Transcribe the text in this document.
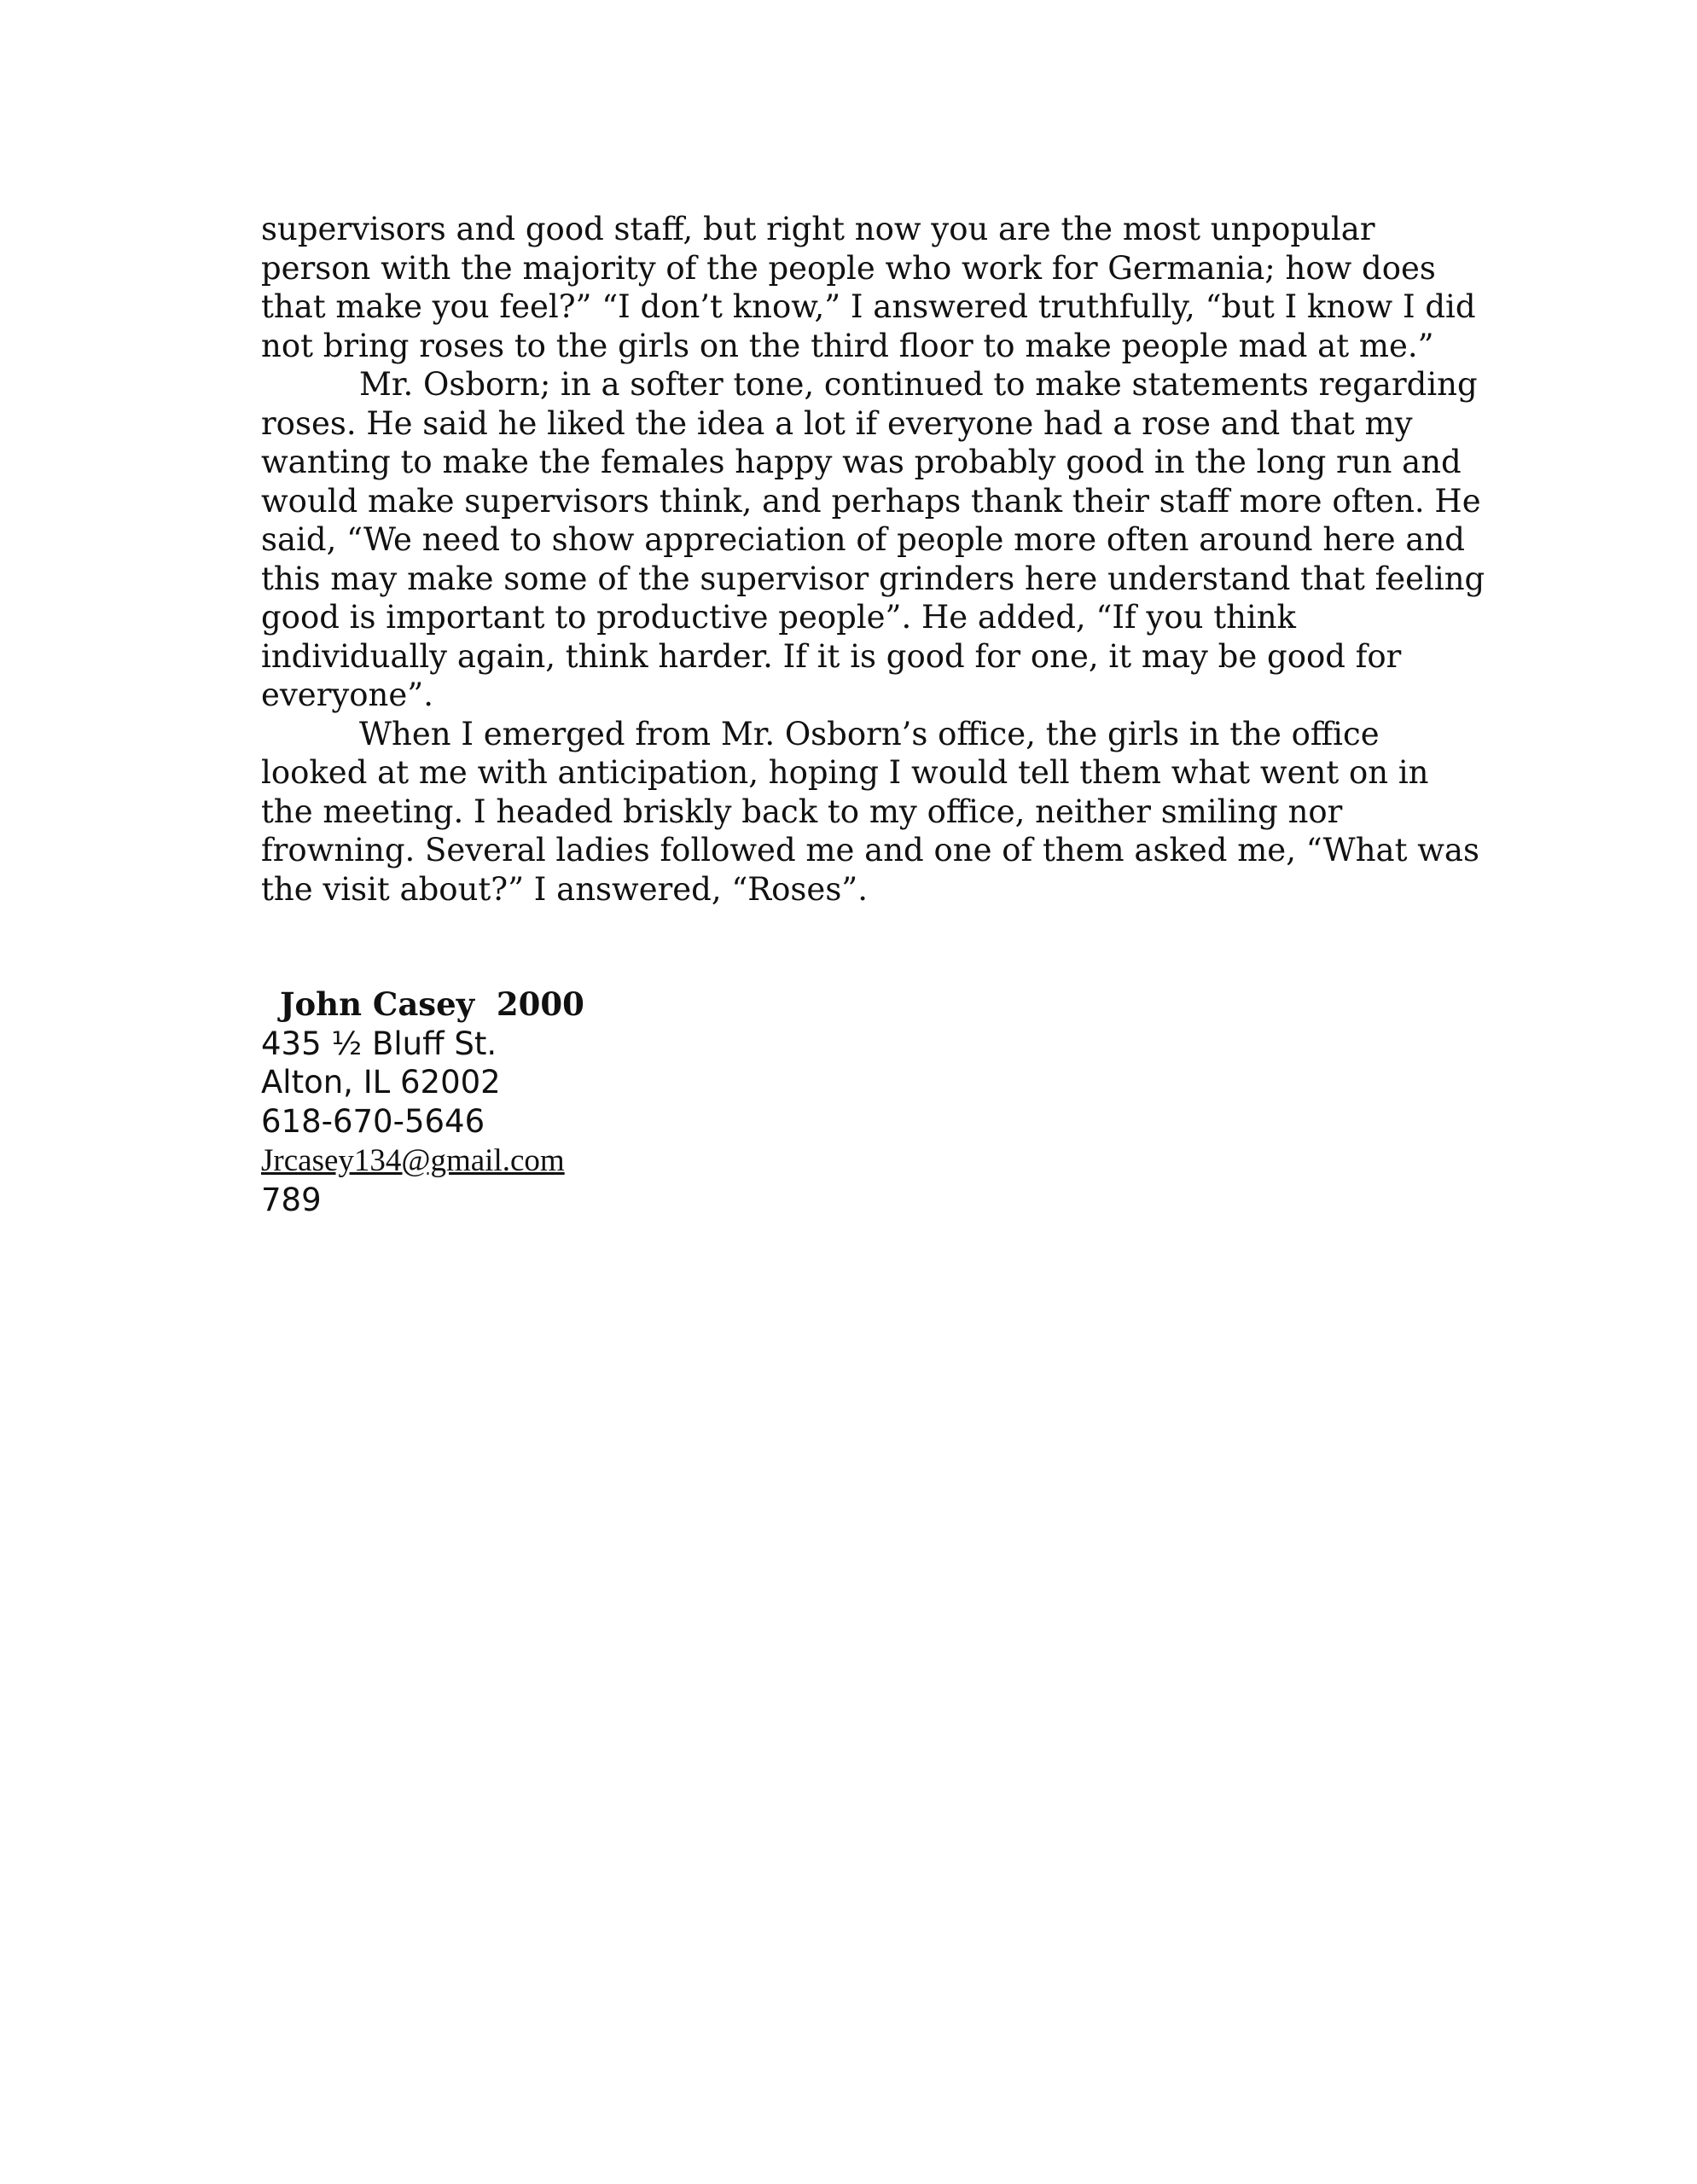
supervisors and good staff, but right now you are the most unpopular person with the majority of the people who work for Germania; how does that make you feel?” “I don’t know,” I answered truthfully, “but I know I did not bring roses to the girls on the third floor to make people mad at me.”

Mr. Osborn; in a softer tone, continued to make statements regarding roses. He said he liked the idea a lot if everyone had a rose and that my wanting to make the females happy was probably good in the long run and would make supervisors think, and perhaps thank their staff more often. He said, “We need to show appreciation of people more often around here and this may make some of the supervisor grinders here understand that feeling good is important to productive people”. He added, “If you think individually again, think harder. If it is good for one, it may be good for everyone”.

When I emerged from Mr. Osborn’s office, the girls in the office looked at me with anticipation, hoping I would tell them what went on in the meeting. I headed briskly back to my office, neither smiling nor frowning. Several ladies followed me and one of them asked me, “What was the visit about?” I answered, “Roses”.

John Casey  2000

435 ½ Bluff St.

Alton, IL 62002

618-670-5646

Jrcasey134@gmail.com

789
